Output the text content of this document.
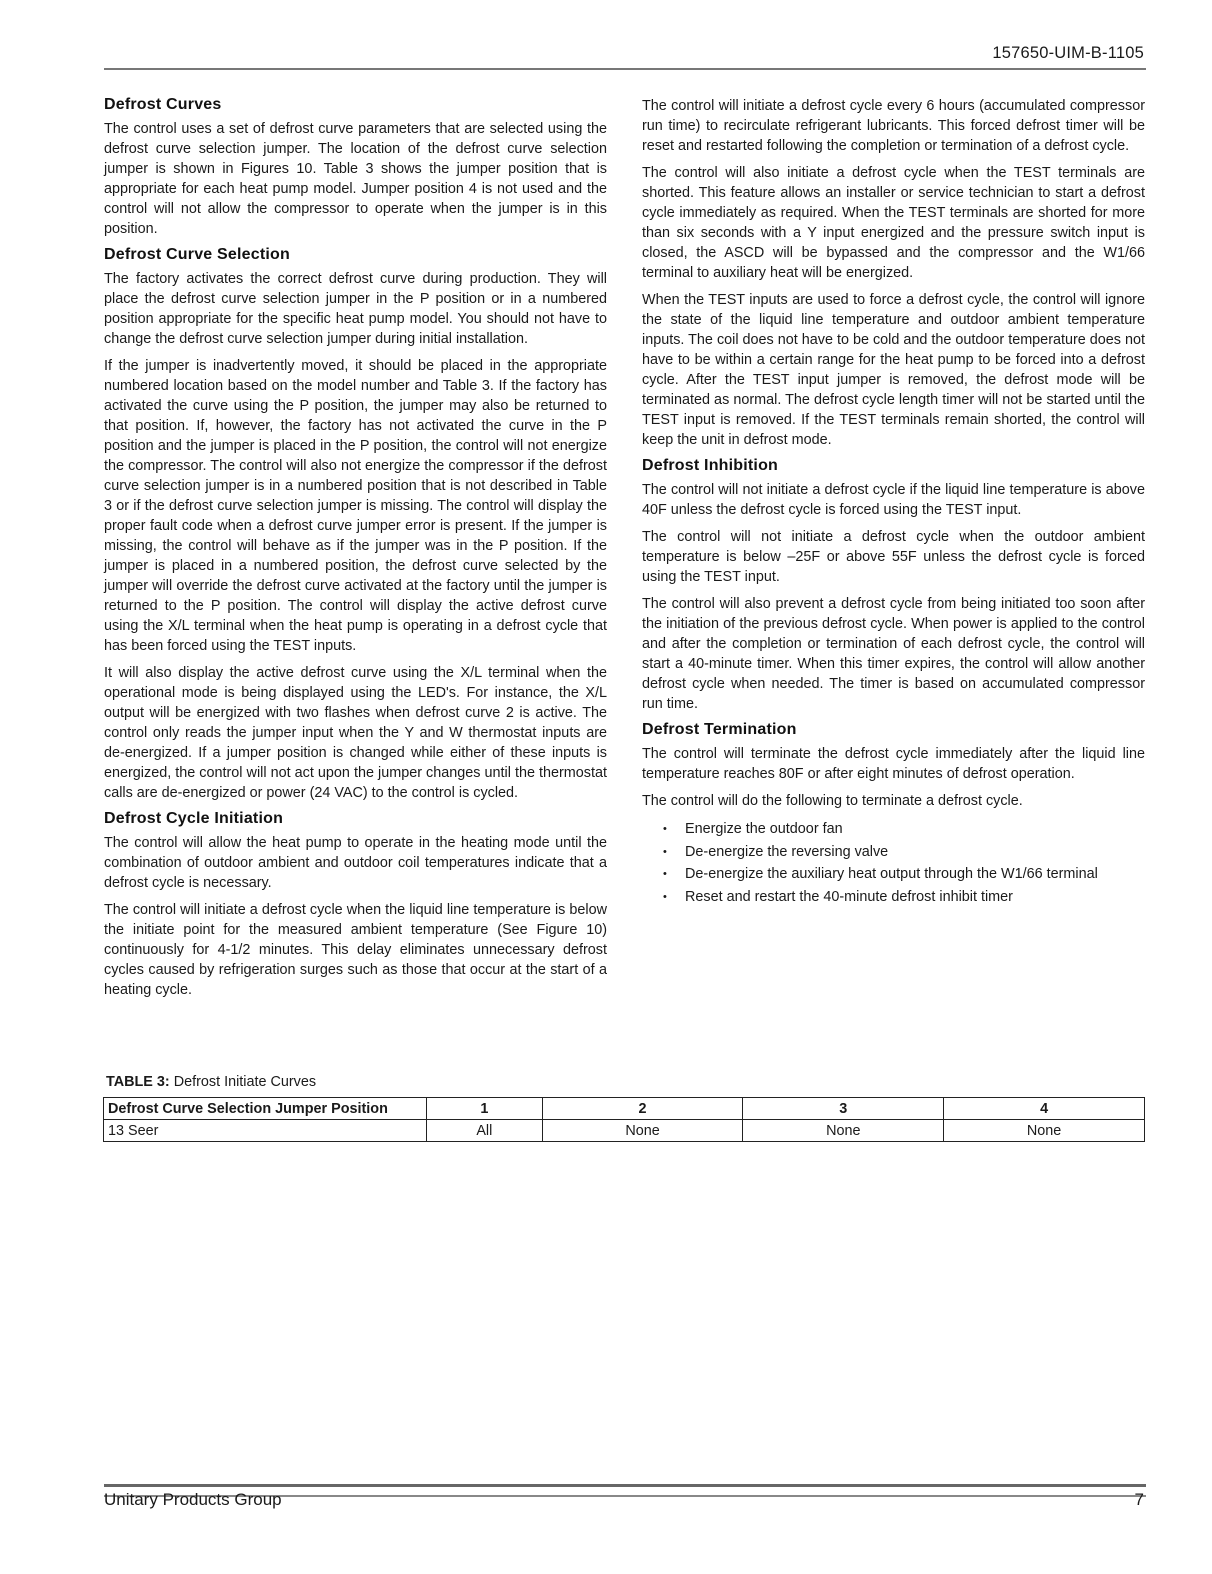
157650-UIM-B-1105
Defrost Curves

The control uses a set of defrost curve parameters that are selected using the defrost curve selection jumper. The location of the defrost curve selection jumper is shown in Figures 10. Table 3 shows the jumper position that is appropriate for each heat pump model. Jumper position 4 is not used and the control will not allow the compressor to operate when the jumper is in this position.

Defrost Curve Selection

The factory activates the correct defrost curve during production. They will place the defrost curve selection jumper in the P position or in a numbered position appropriate for the specific heat pump model. You should not have to change the defrost curve selection jumper during initial installation.

If the jumper is inadvertently moved, it should be placed in the appropriate numbered location based on the model number and Table 3. If the factory has activated the curve using the P position, the jumper may also be returned to that position. If, however, the factory has not activated the curve in the P position and the jumper is placed in the P position, the control will not energize the compressor. The control will also not energize the compressor if the defrost curve selection jumper is in a numbered position that is not described in Table 3 or if the defrost curve selection jumper is missing. The control will display the proper fault code when a defrost curve jumper error is present. If the jumper is missing, the control will behave as if the jumper was in the P position. If the jumper is placed in a numbered position, the defrost curve selected by the jumper will override the defrost curve activated at the factory until the jumper is returned to the P position. The control will display the active defrost curve using the X/L terminal when the heat pump is operating in a defrost cycle that has been forced using the TEST inputs.

It will also display the active defrost curve using the X/L terminal when the operational mode is being displayed using the LED's. For instance, the X/L output will be energized with two flashes when defrost curve 2 is active. The control only reads the jumper input when the Y and W thermostat inputs are de-energized. If a jumper position is changed while either of these inputs is energized, the control will not act upon the jumper changes until the thermostat calls are de-energized or power (24 VAC) to the control is cycled.

Defrost Cycle Initiation

The control will allow the heat pump to operate in the heating mode until the combination of outdoor ambient and outdoor coil temperatures indicate that a defrost cycle is necessary.

The control will initiate a defrost cycle when the liquid line temperature is below the initiate point for the measured ambient temperature (See Figure 10) continuously for 4-1/2 minutes. This delay eliminates unnecessary defrost cycles caused by refrigeration surges such as those that occur at the start of a heating cycle.

The control will initiate a defrost cycle every 6 hours (accumulated compressor run time) to recirculate refrigerant lubricants. This forced defrost timer will be reset and restarted following the completion or termination of a defrost cycle.

The control will also initiate a defrost cycle when the TEST terminals are shorted. This feature allows an installer or service technician to start a defrost cycle immediately as required. When the TEST terminals are shorted for more than six seconds with a Y input energized and the pressure switch input is closed, the ASCD will be bypassed and the compressor and the W1/66 terminal to auxiliary heat will be energized.

When the TEST inputs are used to force a defrost cycle, the control will ignore the state of the liquid line temperature and outdoor ambient temperature inputs. The coil does not have to be cold and the outdoor temperature does not have to be within a certain range for the heat pump to be forced into a defrost cycle. After the TEST input jumper is removed, the defrost mode will be terminated as normal. The defrost cycle length timer will not be started until the TEST input is removed. If the TEST terminals remain shorted, the control will keep the unit in defrost mode.

Defrost Inhibition

The control will not initiate a defrost cycle if the liquid line temperature is above 40F unless the defrost cycle is forced using the TEST input.

The control will not initiate a defrost cycle when the outdoor ambient temperature is below –25F or above 55F unless the defrost cycle is forced using the TEST input.

The control will also prevent a defrost cycle from being initiated too soon after the initiation of the previous defrost cycle. When power is applied to the control and after the completion or termination of each defrost cycle, the control will start a 40-minute timer. When this timer expires, the control will allow another defrost cycle when needed. The timer is based on accumulated compressor run time.

Defrost Termination

The control will terminate the defrost cycle immediately after the liquid line temperature reaches 80F or after eight minutes of defrost operation.

The control will do the following to terminate a defrost cycle.

• Energize the outdoor fan
• De-energize the reversing valve
• De-energize the auxiliary heat output through the W1/66 terminal
• Reset and restart the 40-minute defrost inhibit timer
TABLE 3: Defrost Initiate Curves
Defrost Curve Selection Jumper Position	1	2	3	4
13 Seer	All	None	None	None
Unitary Products Group	7
